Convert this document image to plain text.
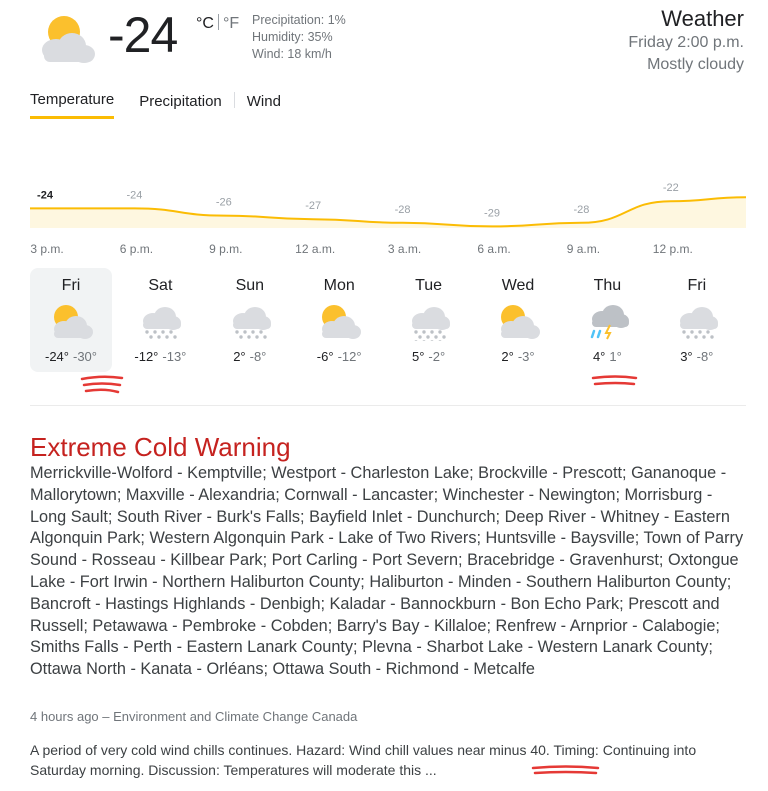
-24 °C °F Precipitation: 1%
Humidity: 35%
Wind: 18 km/h
Weather
Friday 2:00 p.m.
Mostly cloudy
Temperature Precipitation Wind
-24	-24
-26	-27	-28	-29	-28
-22
3 p.m.	6 p.m.	9 p.m.	12 a.m.	3 a.m.	6 a.m.	9 a.m.	12 p.m.
Fri
-24° -30°
Sat
-12° -13°
Sun
2° -8°
Mon
-6° -12°
Tue
5° -2°
Wed
2° -3°
Thu
4° 1°
Fri
3° -8°
Extreme Cold Warning
Merrickville-Wolford - Kemptville; Westport - Charleston Lake; Brockville - Prescott; Gananoque - Mallorytown; Maxville - Alexandria; Cornwall - Lancaster; Winchester - Newington; Morrisburg - Long Sault; South River - Burk's Falls; Bayfield Inlet - Dunchurch; Deep River - Whitney - Eastern Algonquin Park; Western Algonquin Park - Lake of Two Rivers; Huntsville - Baysville; Town of Parry Sound - Rosseau - Killbear Park; Port Carling - Port Severn; Bracebridge - Gravenhurst; Oxtongue Lake - Fort Irwin - Northern Haliburton County; Haliburton - Minden - Southern Haliburton County; Bancroft - Hastings Highlands - Denbigh; Kaladar - Bannockburn - Bon Echo Park; Prescott and Russell; Petawawa - Pembroke - Cobden; Barry's Bay - Killaloe; Renfrew - Arnprior - Calabogie; Smiths Falls - Perth - Eastern Lanark County; Plevna - Sharbot Lake - Western Lanark County; Ottawa North - Kanata - Orléans; Ottawa South - Richmond - Metcalfe
4 hours ago – Environment and Climate Change Canada
A period of very cold wind chills continues. Hazard: Wind chill values near minus 40. Timing: Continuing into Saturday morning. Discussion: Temperatures will moderate this ...
